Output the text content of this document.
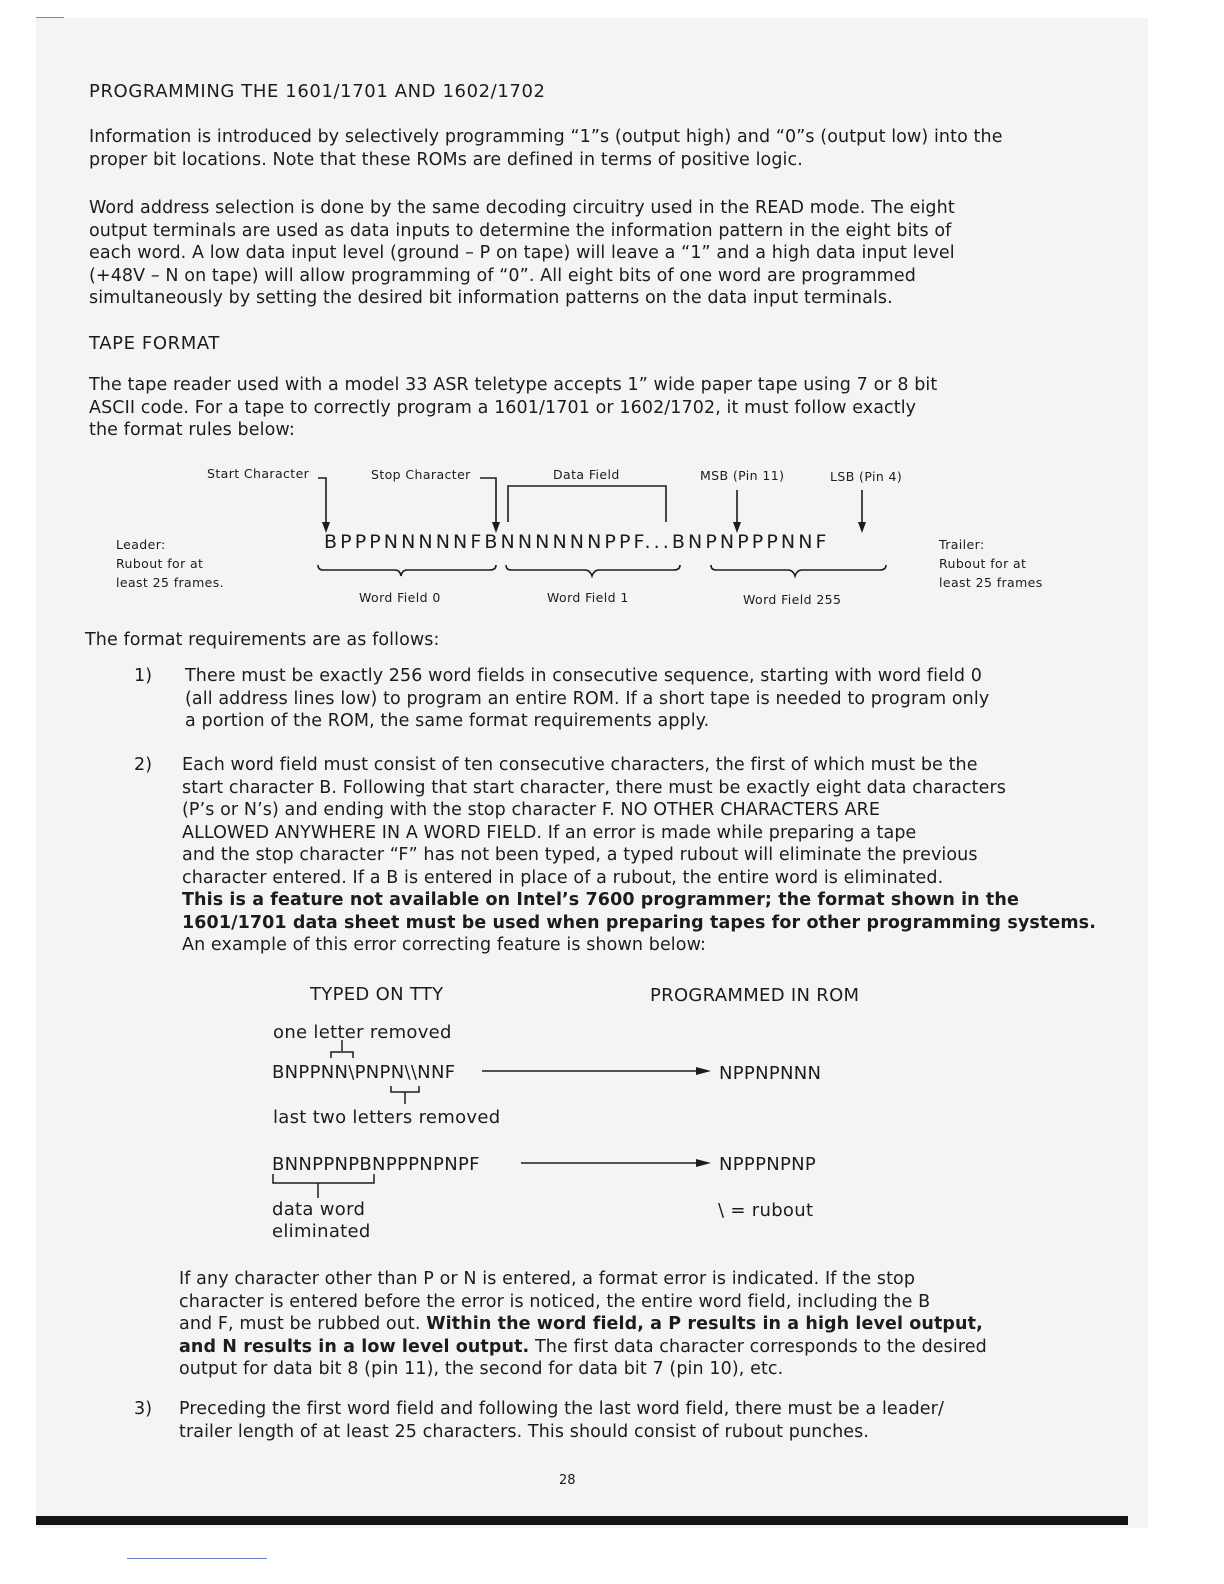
PROGRAMMING THE 1601/1701 AND 1602/1702
Information is introduced by selectively programming “1”s (output high) and “0”s (output low) into the
proper bit locations. Note that these ROMs are defined in terms of positive logic.
Word address selection is done by the same decoding circuitry used in the READ mode. The eight
output terminals are used as data inputs to determine the information pattern in the eight bits of
each word. A low data input level (ground – P on tape) will leave a “1” and a high data input level
(+48V – N on tape) will allow programming of “0”. All eight bits of one word are programmed
simultaneously by setting the desired bit information patterns on the data input terminals.
TAPE FORMAT
The tape reader used with a model 33 ASR teletype accepts 1” wide paper tape using 7 or 8 bit
ASCII code. For a tape to correctly program a 1601/1701 or 1602/1702, it must follow exactly
the format rules below:
Start Character	Stop Character	Data Field	MSB (Pin 11)	LSB (Pin 4)
Leader:
Rubout for at
least 25 frames.
BPPPNNNNNFBNNNNNNPPF...BNPNPPPNNF	Trailer:
Rubout for at
least 25 frames
Word Field 0	Word Field 1	Word Field 255
The format requirements are as follows:
1) There must be exactly 256 word fields in consecutive sequence, starting with word field 0
(all address lines low) to program an entire ROM. If a short tape is needed to program only
a portion of the ROM, the same format requirements apply.
2) Each word field must consist of ten consecutive characters, the first of which must be the
start character B. Following that start character, there must be exactly eight data characters
(P’s or N’s) and ending with the stop character F. NO OTHER CHARACTERS ARE
ALLOWED ANYWHERE IN A WORD FIELD. If an error is made while preparing a tape
and the stop character “F” has not been typed, a typed rubout will eliminate the previous
character entered. If a B is entered in place of a rubout, the entire word is eliminated.
This is a feature not available on Intel’s 7600 programmer; the format shown in the
1601/1701 data sheet must be used when preparing tapes for other programming systems.
An example of this error correcting feature is shown below:
TYPED ON TTY	PROGRAMMED IN ROM
one letter removed
BNPPNN\PNPN\\NNF	NPPNPNNN
last two letters removed
BNNPPNPBNPPPNPNPF	NPPPNPNP
data word
eliminated
\ = rubout
If any character other than P or N is entered, a format error is indicated. If the stop
character is entered before the error is noticed, the entire word field, including the B
and F, must be rubbed out. Within the word field, a P results in a high level output,
and N results in a low level output. The first data character corresponds to the desired
output for data bit 8 (pin 11), the second for data bit 7 (pin 10), etc.
3) Preceding the first word field and following the last word field, there must be a leader/
trailer length of at least 25 characters. This should consist of rubout punches.
28
